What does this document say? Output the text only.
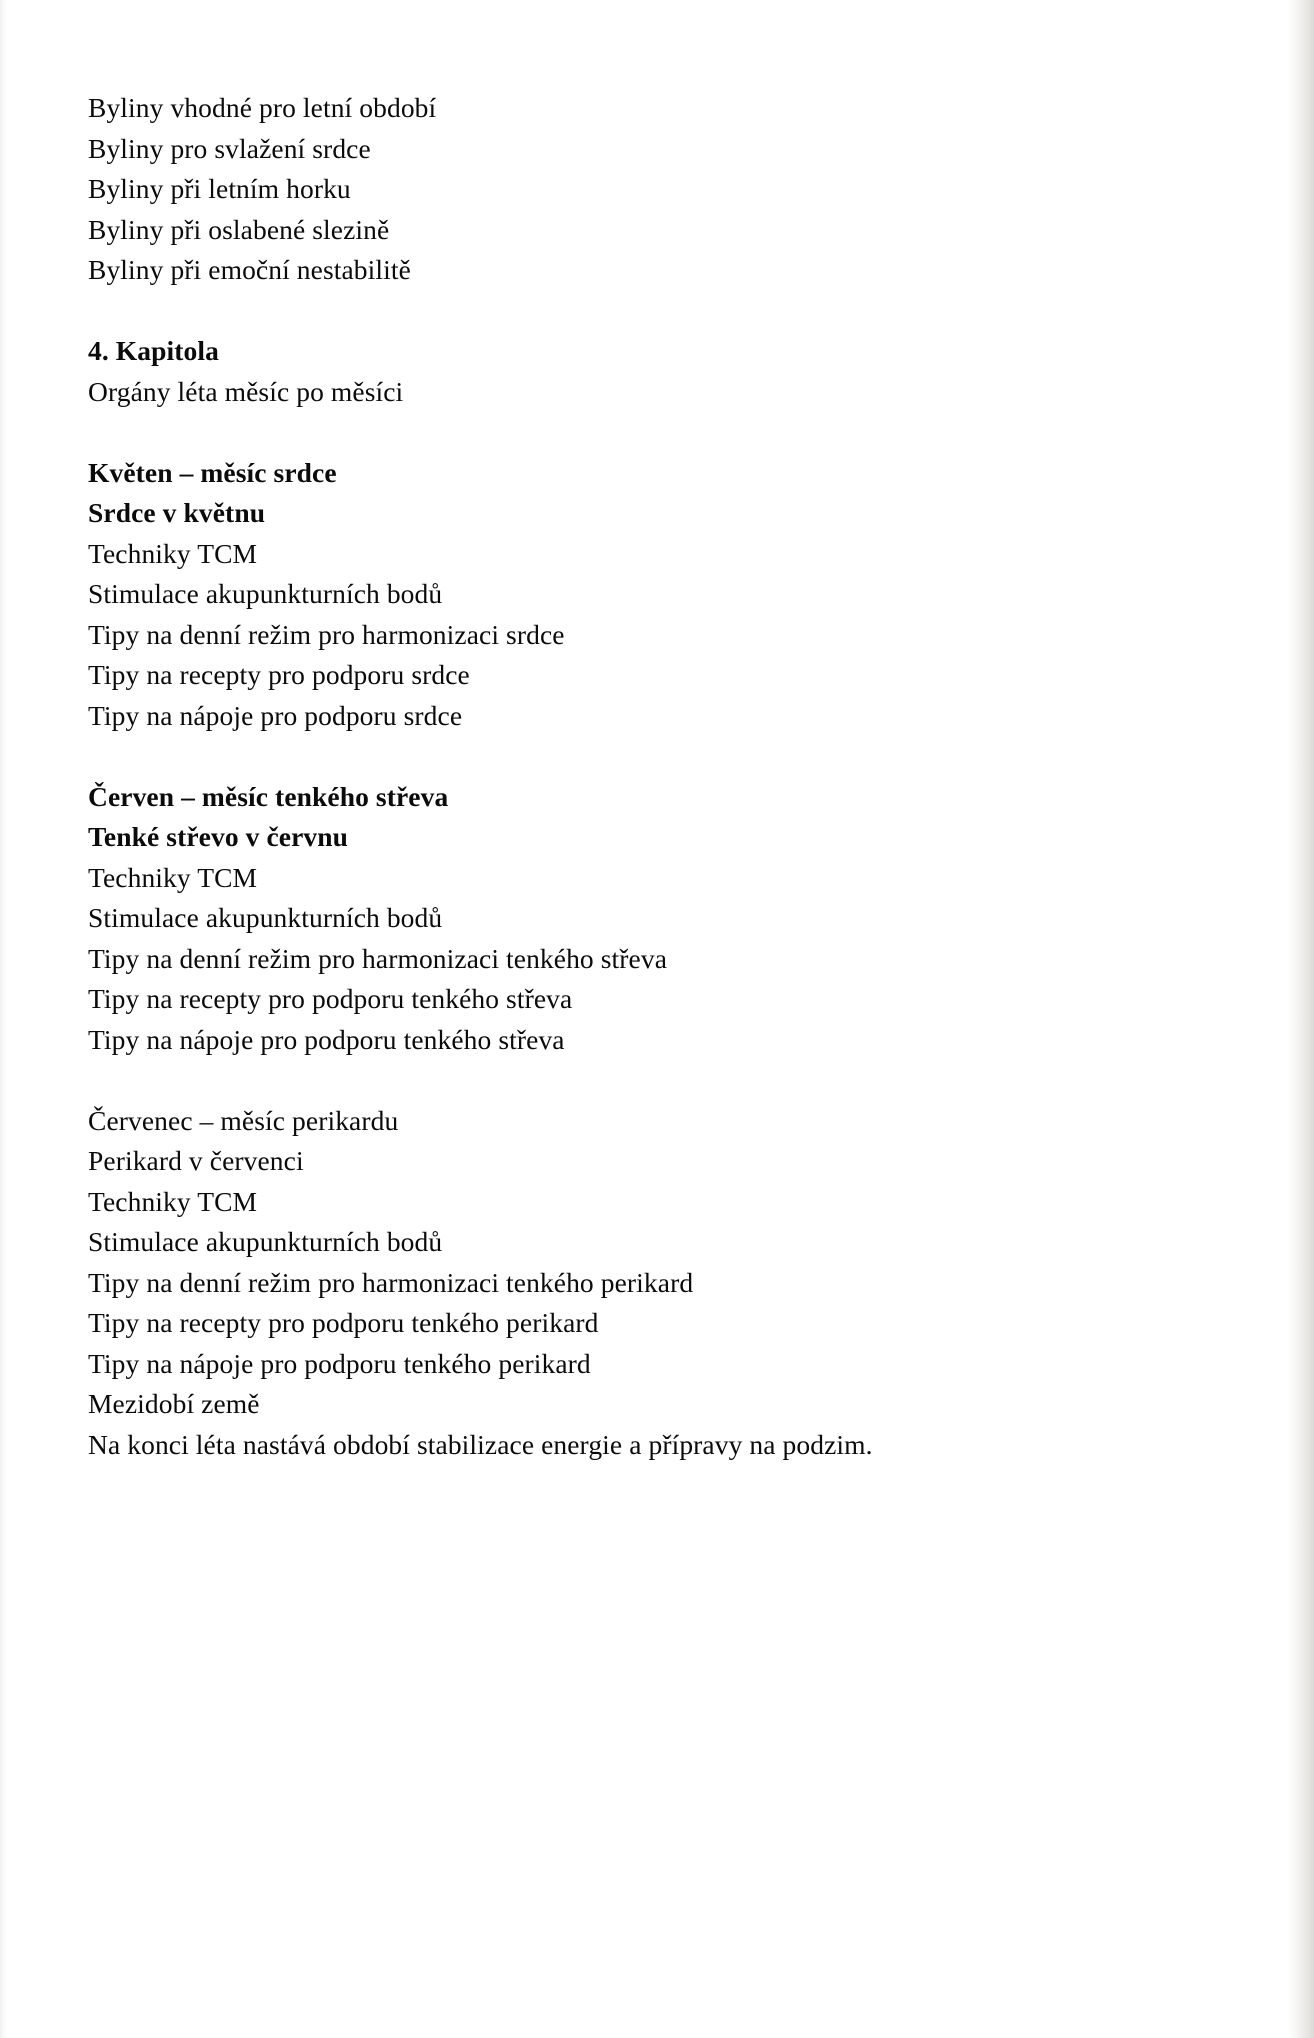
Byliny vhodné pro letní období
Byliny pro svlažení srdce
Byliny při letním horku
Byliny při oslabené slezině
Byliny při emoční nestabilitě
4. Kapitola
Orgány léta měsíc po měsíci
Květen – měsíc srdce
Srdce v květnu
Techniky TCM
Stimulace akupunkturních bodů
Tipy na denní režim pro harmonizaci srdce
Tipy na recepty pro podporu srdce
Tipy na nápoje pro podporu srdce
Červen – měsíc tenkého střeva
Tenké střevo v červnu
Techniky TCM
Stimulace akupunkturních bodů
Tipy na denní režim pro harmonizaci tenkého střeva
Tipy na recepty pro podporu tenkého střeva
Tipy na nápoje pro podporu tenkého střeva
Červenec – měsíc perikardu
Perikard v červenci
Techniky TCM
Stimulace akupunkturních bodů
Tipy na denní režim pro harmonizaci tenkého perikard
Tipy na recepty pro podporu tenkého perikard
Tipy na nápoje pro podporu tenkého perikard
Mezidobí země
Na konci léta nastává období stabilizace energie a přípravy na podzim.
